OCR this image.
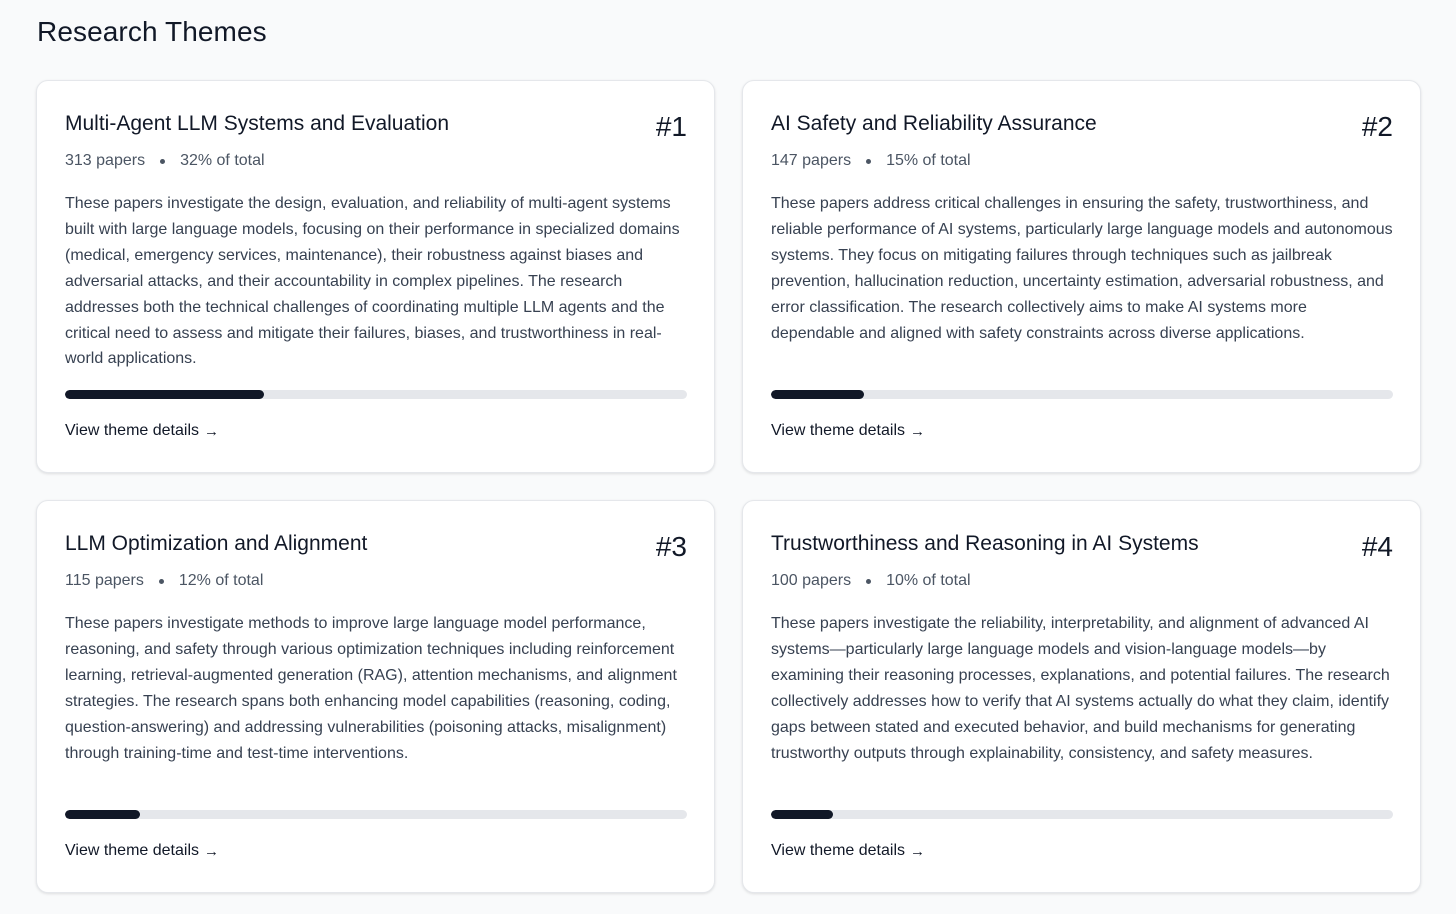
Research Themes
Multi-Agent LLM Systems and Evaluation	#1
313 papers 32% of total

These papers investigate the design, evaluation, and reliability of multi-agent systems built with large language models, focusing on their performance in specialized domains (medical, emergency services, maintenance), their robustness against biases and adversarial attacks, and their accountability in complex pipelines. The research addresses both the technical challenges of coordinating multiple LLM agents and the critical need to assess and mitigate their failures, biases, and trustworthiness in real-world applications.

View theme details →
AI Safety and Reliability Assurance	#2
147 papers 15% of total

These papers address critical challenges in ensuring the safety, trustworthiness, and reliable performance of AI systems, particularly large language models and autonomous systems. They focus on mitigating failures through techniques such as jailbreak prevention, hallucination reduction, uncertainty estimation, adversarial robustness, and error classification. The research collectively aims to make AI systems more dependable and aligned with safety constraints across diverse applications.

View theme details →
LLM Optimization and Alignment	#3
115 papers 12% of total

These papers investigate methods to improve large language model performance, reasoning, and safety through various optimization techniques including reinforcement learning, retrieval-augmented generation (RAG), attention mechanisms, and alignment strategies. The research spans both enhancing model capabilities (reasoning, coding, question-answering) and addressing vulnerabilities (poisoning attacks, misalignment) through training-time and test-time interventions.

View theme details →
Trustworthiness and Reasoning in AI Systems	#4
100 papers 10% of total

These papers investigate the reliability, interpretability, and alignment of advanced AI systems—particularly large language models and vision-language models—by examining their reasoning processes, explanations, and potential failures. The research collectively addresses how to verify that AI systems actually do what they claim, identify gaps between stated and executed behavior, and build mechanisms for generating trustworthy outputs through explainability, consistency, and safety measures.

View theme details →
